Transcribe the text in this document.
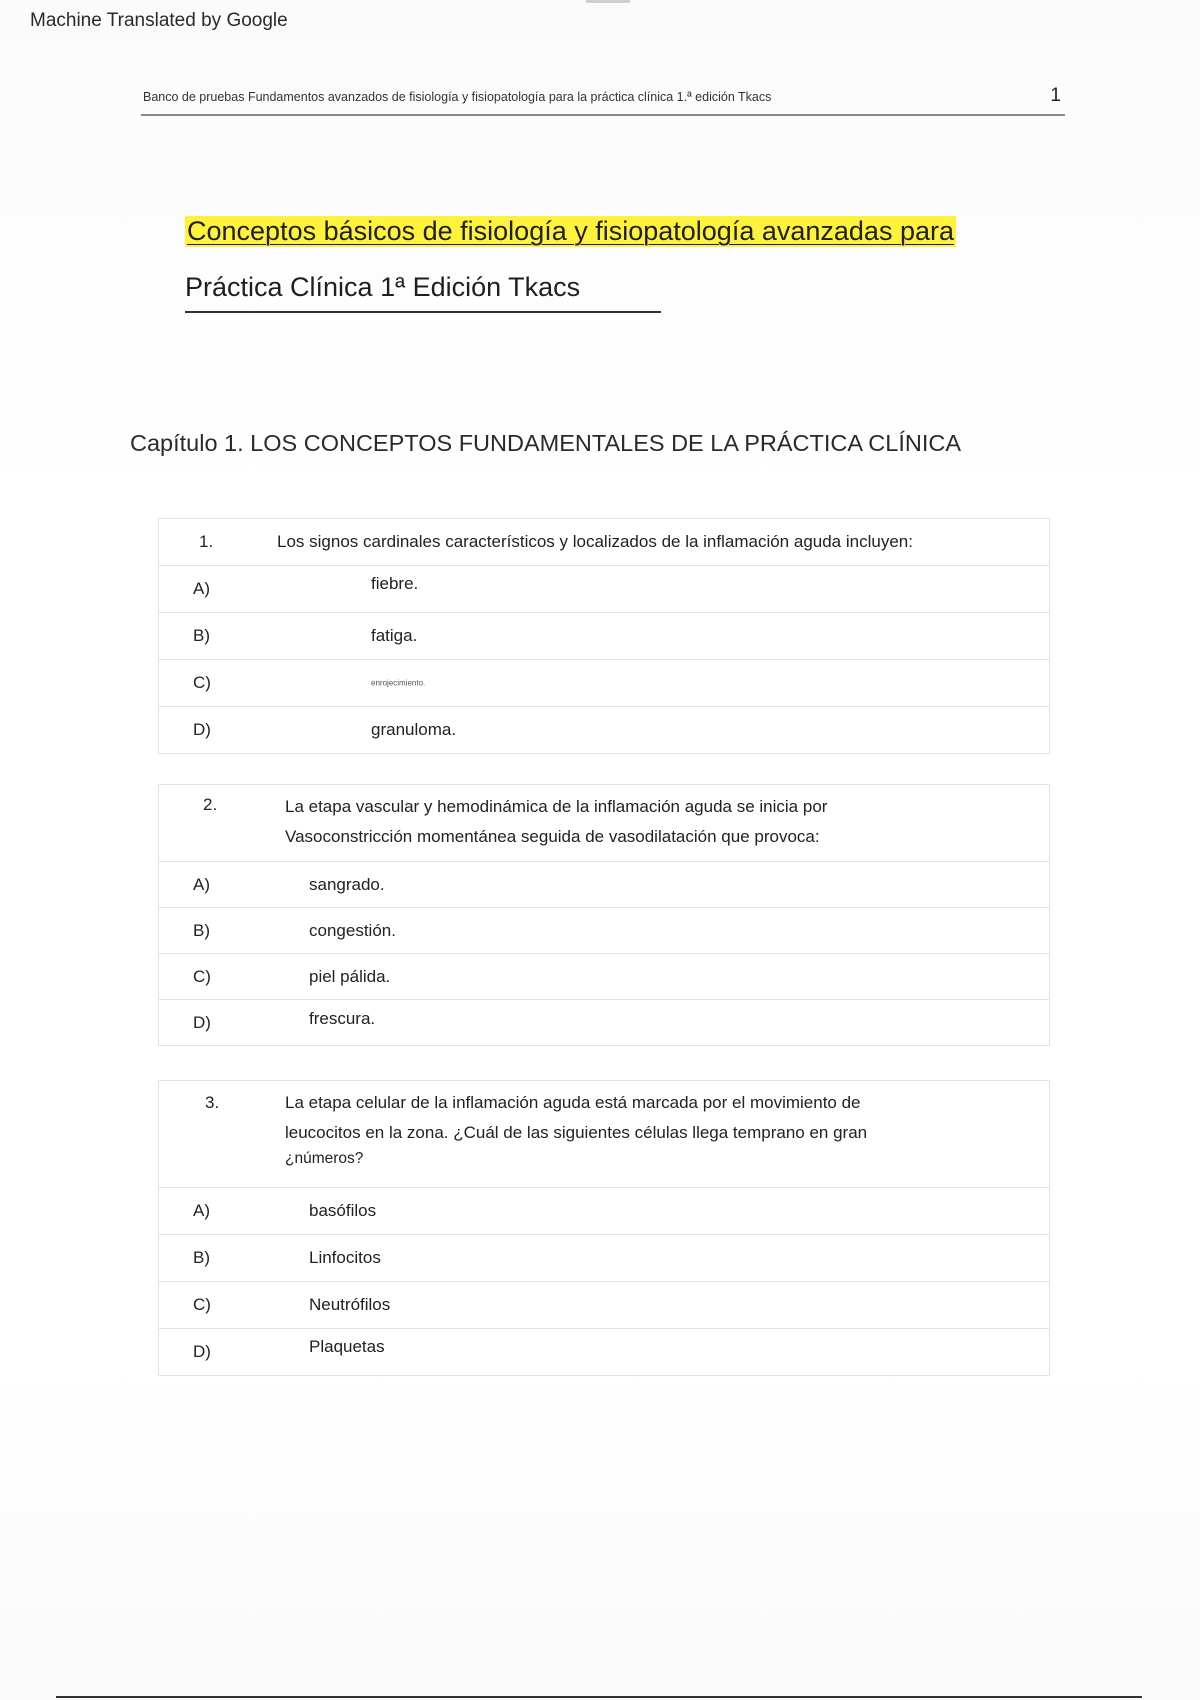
Machine Translated by Google
Banco de pruebas Fundamentos avanzados de fisiología y fisiopatología para la práctica clínica 1.ª edición Tkacs	1
Conceptos básicos de fisiología y fisiopatología avanzadas para
Práctica Clínica 1ª Edición Tkacs
Capítulo 1. LOS CONCEPTOS FUNDAMENTALES DE LA PRÁCTICA CLÍNICA
1.	Los signos cardinales característicos y localizados de la inflamación aguda incluyen:

A)	fiebre.

B)	fatiga.

C)	enrojecimiento.

D)	granuloma.
2.	La etapa vascular y hemodinámica de la inflamación aguda se inicia por
Vasoconstricción momentánea seguida de vasodilatación que provoca:

A)	sangrado.

B)	congestión.

C)	piel pálida.

D)	frescura.
3.	La etapa celular de la inflamación aguda está marcada por el movimiento de
leucocitos en la zona. ¿Cuál de las siguientes células llega temprano en gran
¿números?

A)	basófilos

B)	Linfocitos

C)	Neutrófilos

D)	Plaquetas
